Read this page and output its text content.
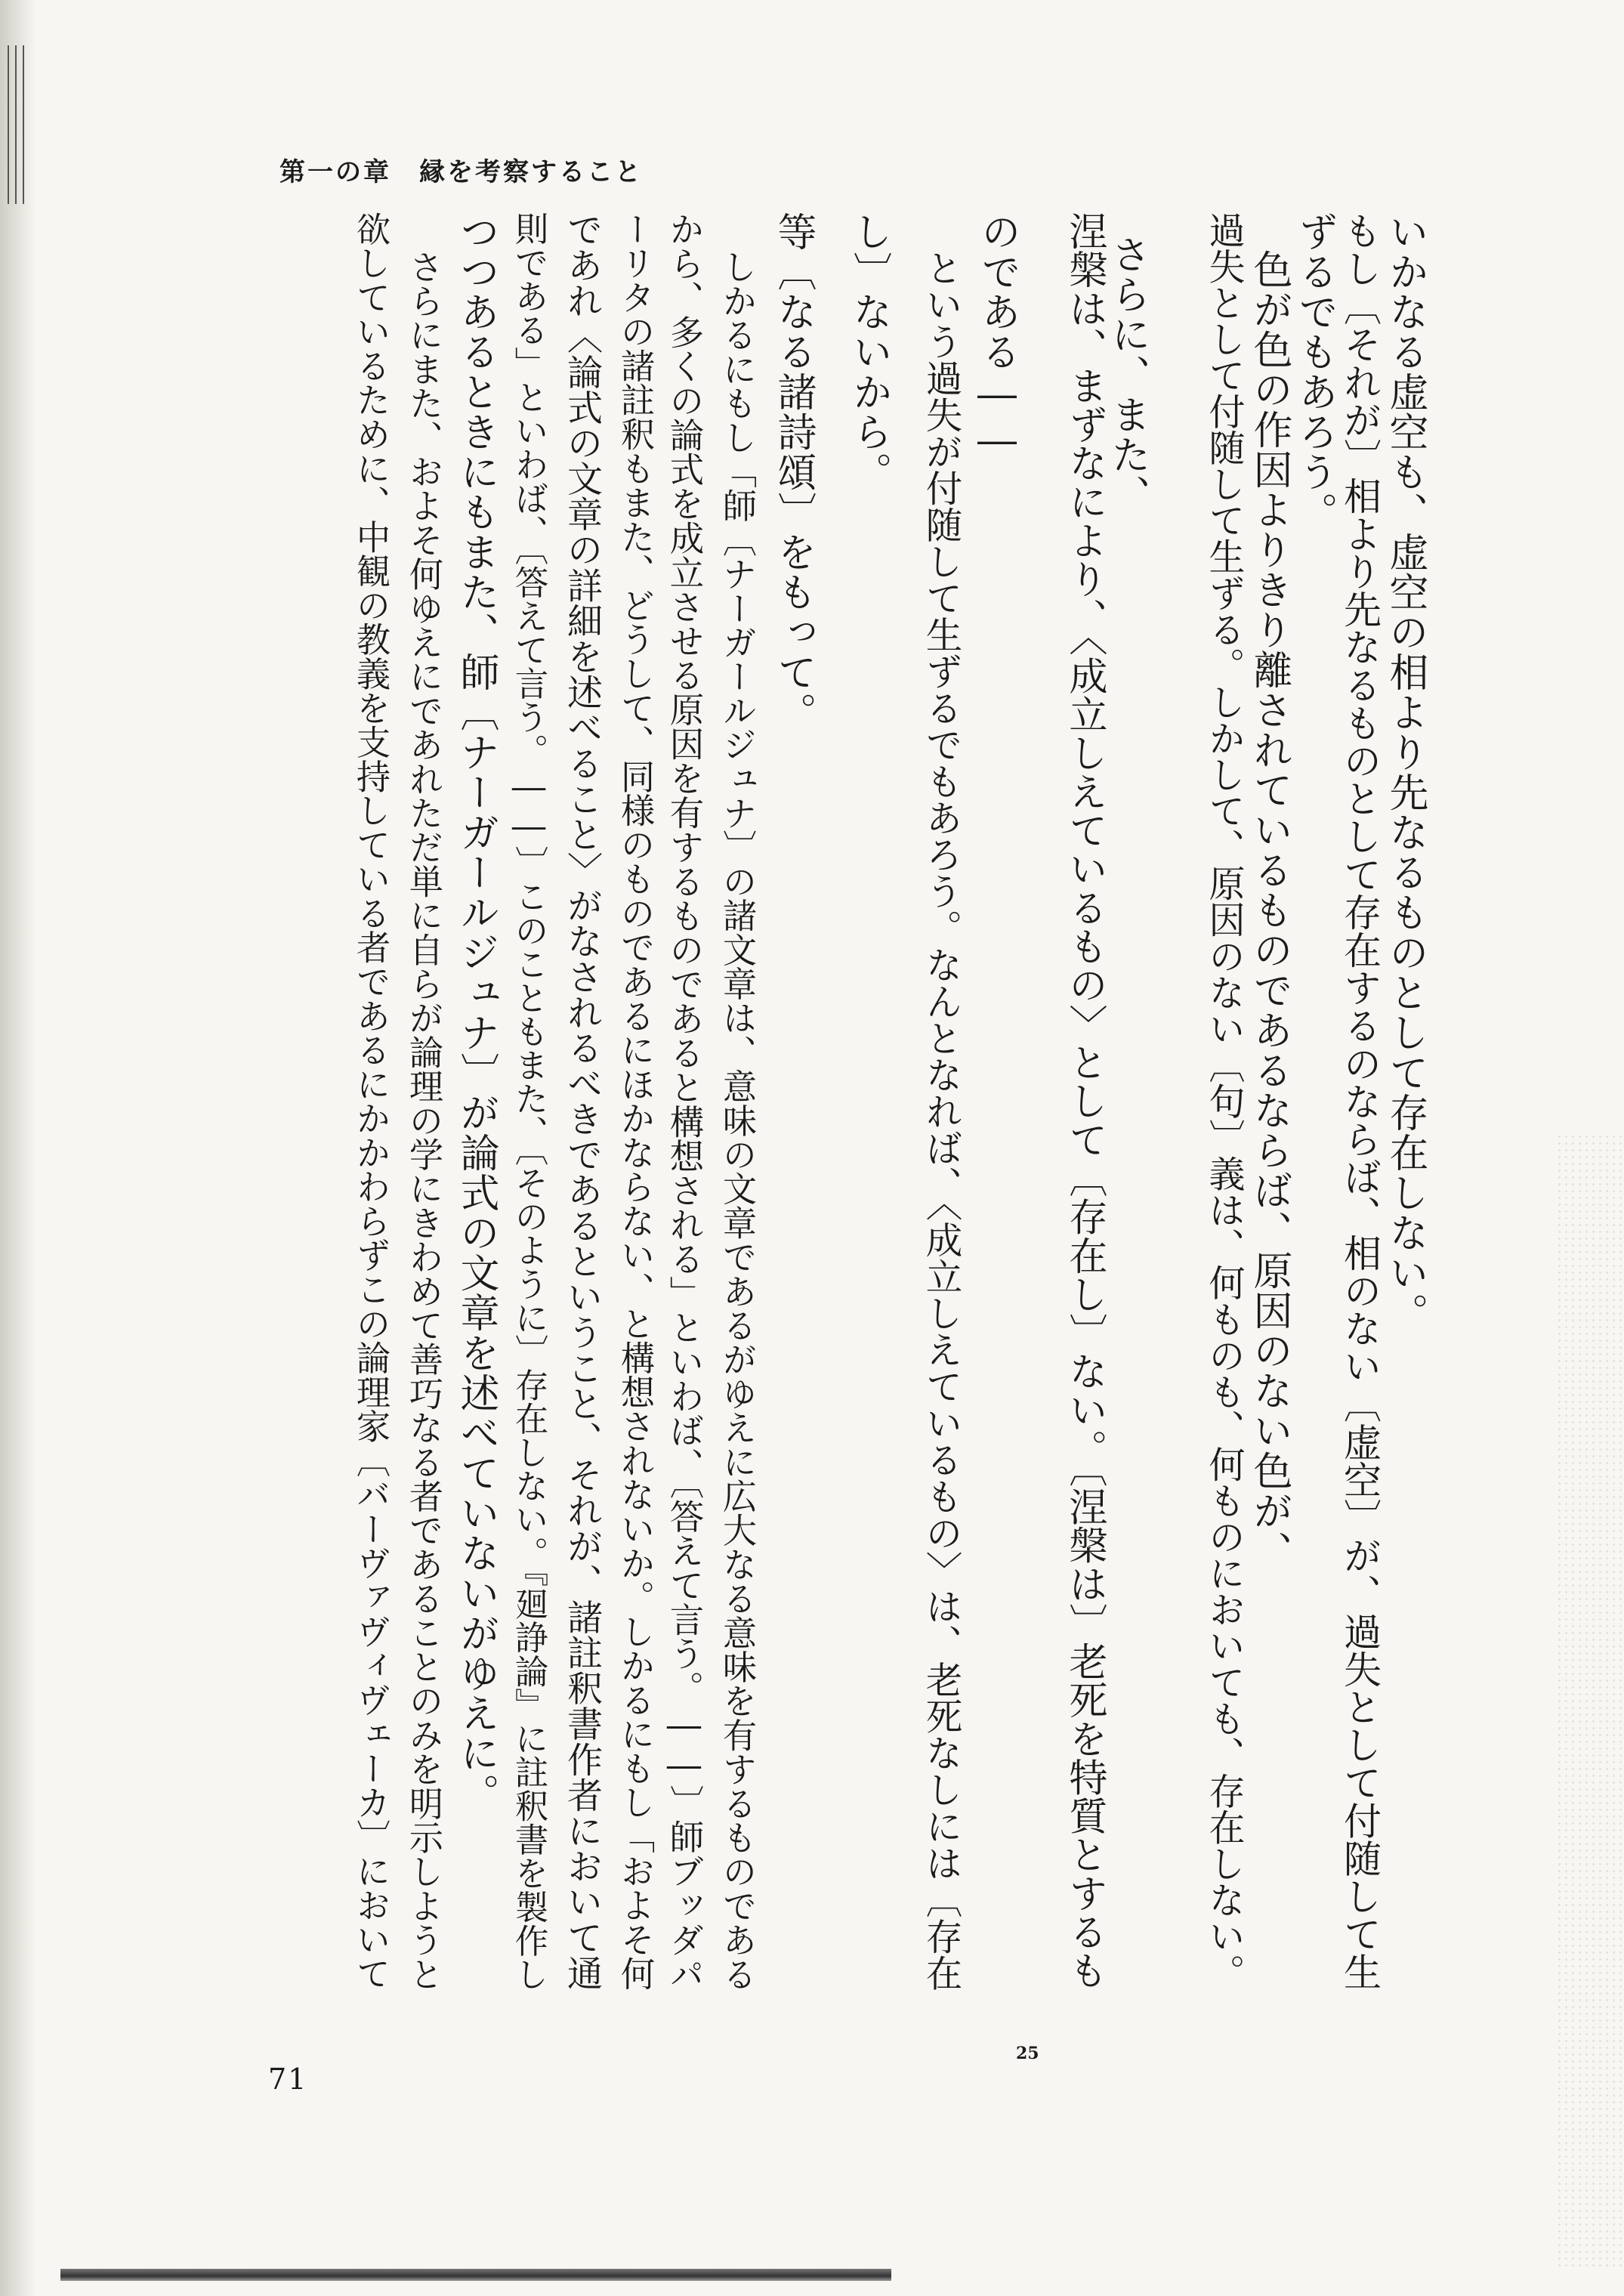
第一の章　縁を考察すること
いかなる虚空も、虚空の相より先なるものとして存在しない。
もし〔それが〕相より先なるものとして存在するのならば、相のない〔虚空〕が、過失として付随して生
ずるでもあろう。
色が色の作因よりきり離されているものであるならば、原因のない色が、
過失として付随して生ずる。しかして、原因のない〔句〕義は、何ものも、何ものにおいても、存在しない。
さらに、また、
涅槃は、まずなにより、〈成立しえているもの〉として〔存在し〕ない。〔涅槃は〕老死を特質とするも
のである――
という過失が付随して生ずるでもあろう。なんとなれば、〈成立しえているもの〉は、老死なしには〔存在
し〕ないから。
等〔なる諸詩頌〕をもって。
しかるにもし「師〔ナーガールジュナ〕の諸文章は、意味の文章であるがゆえに広大なる意味を有するものである
から、多くの論式を成立させる原因を有するものであると構想される」といわば、〔答えて言う。――〕師ブッダパ
ーリタの諸註釈もまた、どうして、同様のものであるにほかならない、と構想されないか。しかるにもし「およそ何
であれ〈論式の文章の詳細を述べること〉がなされるべきであるということ、それが、諸註釈書作者において通
則である」といわば、〔答えて言う。――〕このこともまた、〔そのように〕存在しない。『廻諍論』に註釈書を製作し
つつあるときにもまた、師〔ナーガールジュナ〕が論式の文章を述べていないがゆえに。
さらにまた、およそ何ゆえにであれただ単に自らが論理の学にきわめて善巧なる者であることのみを明示しようと
欲しているために、中観の教義を支持している者であるにかかわらずこの論理家〔バーヴァヴィヴェーカ〕において
25
71
